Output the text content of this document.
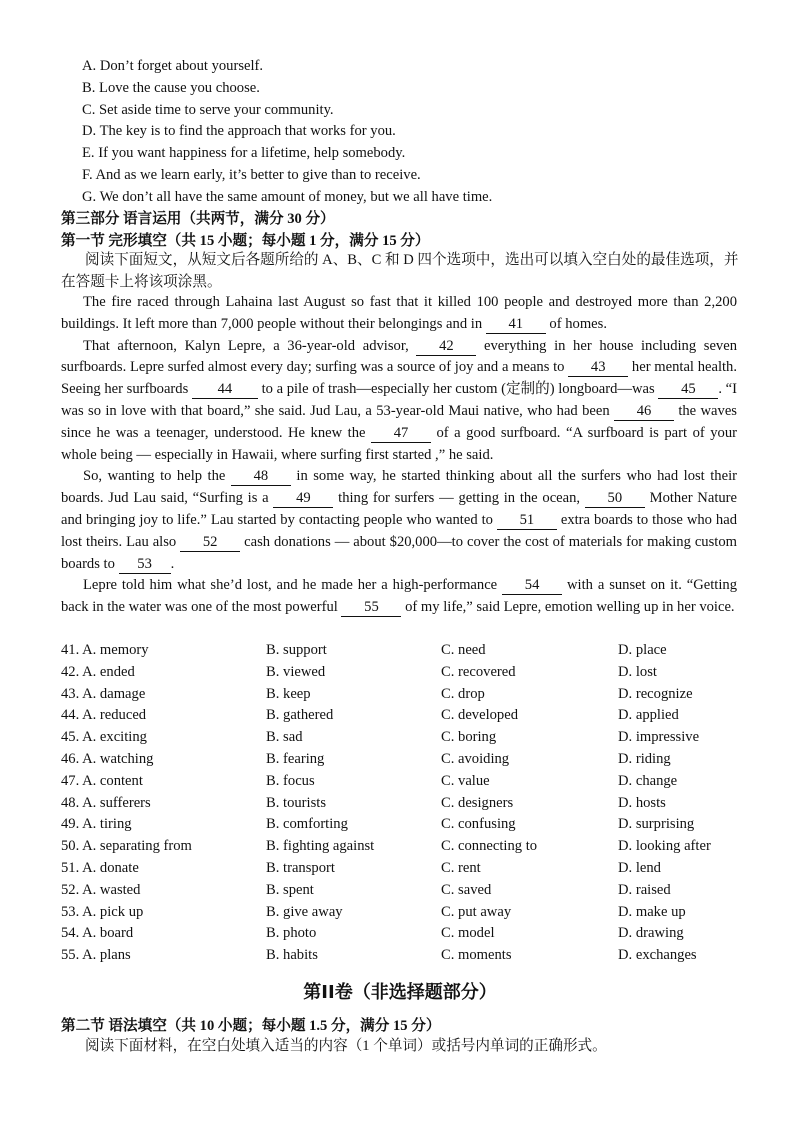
A. Don’t forget about yourself.
B. Love the cause you choose.
C. Set aside time to serve your community.
D. The key is to find the approach that works for you.
E. If you want happiness for a lifetime, help somebody.
F. And as we learn early, it’s better to give than to receive.
G. We don’t all have the same amount of money, but we all have time.
第三部分 语言运用（共两节，满分 30 分）
第一节 完形填空（共 15 小题；每小题 1 分，满分 15 分）
阅读下面短文，从短文后各题所给的 A、B、C 和 D 四个选项中，选出可以填入空白处的最佳选项，并在答题卡上将该项涂黑。

The fire raced through Lahaina last August so fast that it killed 100 people and destroyed more than 2,200 buildings. It left more than 7,000 people without their belongings and in 41 of homes.

That afternoon, Kalyn Lepre, a 36-year-old advisor, 42 everything in her house including seven surfboards. Lepre surfed almost every day; surfing was a source of joy and a means to 43 her mental health. Seeing her surfboards 44 to a pile of trash—especially her custom (定制的) longboard—was 45 . “I was so in love with that board,” she said. Jud Lau, a 53-year-old Maui native, who had been 46 the waves since he was a teenager, understood. He knew the 47 of a good surfboard. “A surfboard is part of your whole being — especially in Hawaii, where surfing first started ,” he said.

So, wanting to help the 48 in some way, he started thinking about all the surfers who had lost their boards. Jud Lau said, “Surfing is a 49 thing for surfers — getting in the ocean, 50 Mother Nature and bringing joy to life.” Lau started by contacting people who wanted to 51 extra boards to those who had lost theirs. Lau also 52 cash donations — about $20,000—to cover the cost of materials for making custom boards to 53 .

Lepre told him what she’d lost, and he made her a high-performance 54 with a sunset on it. “Getting back in the water was one of the most powerful 55 of my life,” said Lepre, emotion welling up in her voice.

41. A. memory	B. support	C. need	D. place
42. A. ended	B. viewed	C. recovered	D. lost
43. A. damage	B. keep	C. drop	D. recognize
44. A. reduced	B. gathered	C. developed	D. applied
45. A. exciting	B. sad	C. boring	D. impressive
46. A. watching	B. fearing	C. avoiding	D. riding
47. A. content	B. focus	C. value	D. change
48. A. sufferers	B. tourists	C. designers	D. hosts
49. A. tiring	B. comforting	C. confusing	D. surprising
50. A. separating from	B. fighting against	C. connecting to	D. looking after
51. A. donate	B. transport	C. rent	D. lend
52. A. wasted	B. spent	C. saved	D. raised
53. A. pick up	B. give away	C. put away	D. make up
54. A. board	B. photo	C. model	D. drawing
55. A. plans	B. habits	C. moments	D. exchanges
第II卷（非选择题部分）
第二节 语法填空（共 10 小题；每小题 1.5 分，满分 15 分）
阅读下面材料，在空白处填入适当的内容（1 个单词）或括号内单词的正确形式。
